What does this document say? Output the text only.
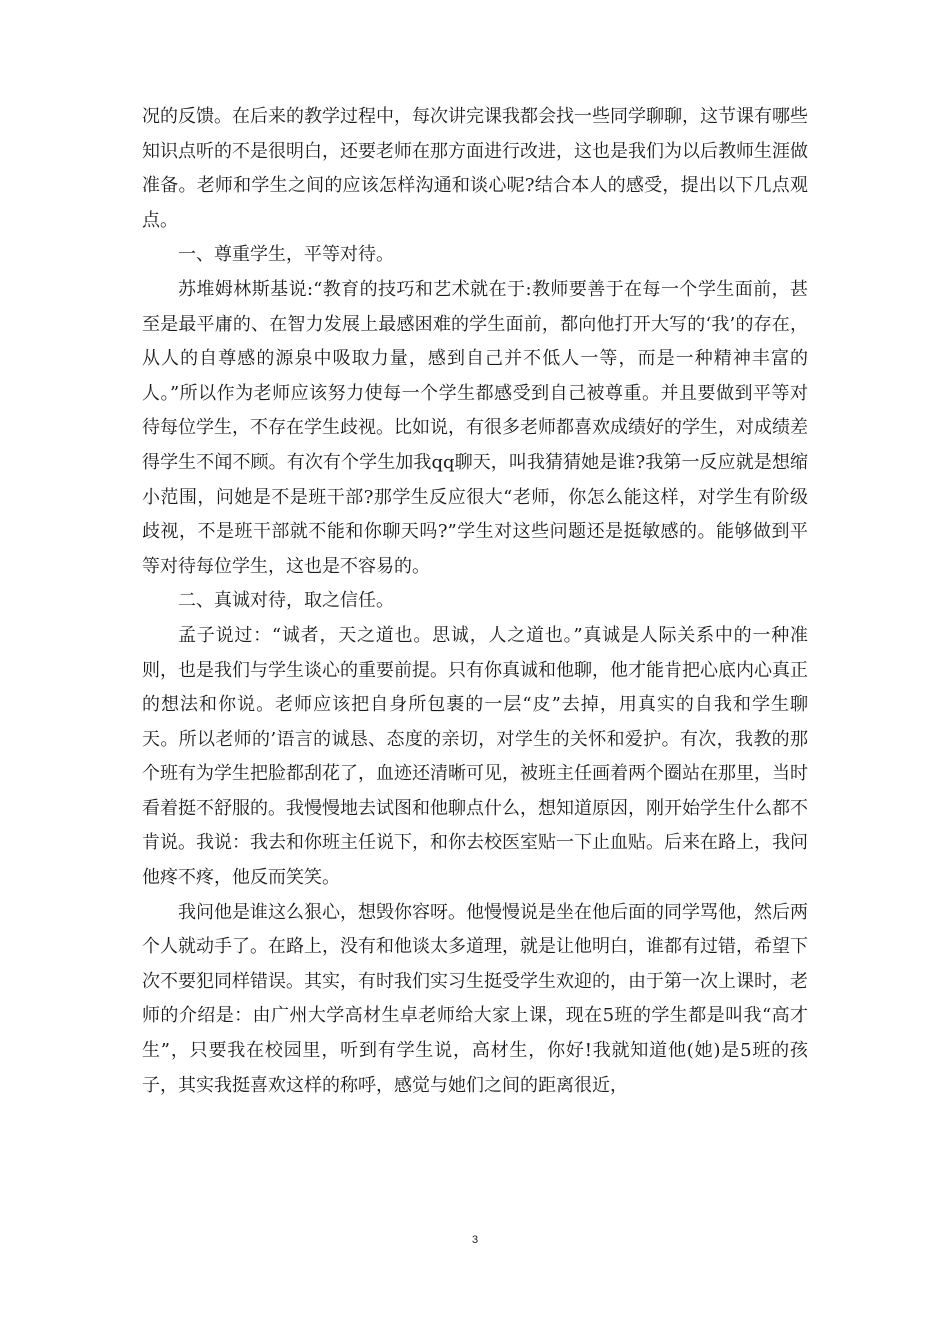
况的反馈。在后来的教学过程中，每次讲完课我都会找一些同学聊聊，这节课有哪些知识点听的不是很明白，还要老师在那方面进行改进，这也是我们为以后教师生涯做准备。老师和学生之间的应该怎样沟通和谈心呢?结合本人的感受，提出以下几点观点。

一、尊重学生，平等对待。

苏堆姆林斯基说:“教育的技巧和艺术就在于:教师要善于在每一个学生面前，甚至是最平庸的、在智力发展上最感困难的学生面前，都向他打开大写的‘我’的存在，从人的自尊感的源泉中吸取力量，感到自己并不低人一等，而是一种精神丰富的人。”所以作为老师应该努力使每一个学生都感受到自己被尊重。并且要做到平等对待每位学生，不存在学生歧视。比如说，有很多老师都喜欢成绩好的学生，对成绩差得学生不闻不顾。有次有个学生加我qq聊天，叫我猜猜她是谁?我第一反应就是想缩小范围，问她是不是班干部?那学生反应很大“老师，你怎么能这样，对学生有阶级歧视，不是班干部就不能和你聊天吗?”学生对这些问题还是挺敏感的。能够做到平等对待每位学生，这也是不容易的。

二、真诚对待，取之信任。

孟子说过：“诚者，天之道也。思诚，人之道也。”真诚是人际关系中的一种准则，也是我们与学生谈心的重要前提。只有你真诚和他聊，他才能肯把心底内心真正的想法和你说。老师应该把自身所包裹的一层“皮”去掉，用真实的自我和学生聊天。所以老师的’语言的诚恳、态度的亲切，对学生的关怀和爱护。有次，我教的那个班有为学生把脸都刮花了，血迹还清晰可见，被班主任画着两个圈站在那里，当时看着挺不舒服的。我慢慢地去试图和他聊点什么，想知道原因，刚开始学生什么都不肯说。我说：我去和你班主任说下，和你去校医室贴一下止血贴。后来在路上，我问他疼不疼，他反而笑笑。

我问他是谁这么狠心，想毁你容呀。他慢慢说是坐在他后面的同学骂他，然后两个人就动手了。在路上，没有和他谈太多道理，就是让他明白，谁都有过错，希望下次不要犯同样错误。其实，有时我们实习生挺受学生欢迎的，由于第一次上课时，老师的介绍是：由广州大学高材生卓老师给大家上课，现在5班的学生都是叫我“高才生”，只要我在校园里，听到有学生说，高材生，你好!我就知道他(她)是5班的孩子，其实我挺喜欢这样的称呼，感觉与她们之间的距离很近，

3
